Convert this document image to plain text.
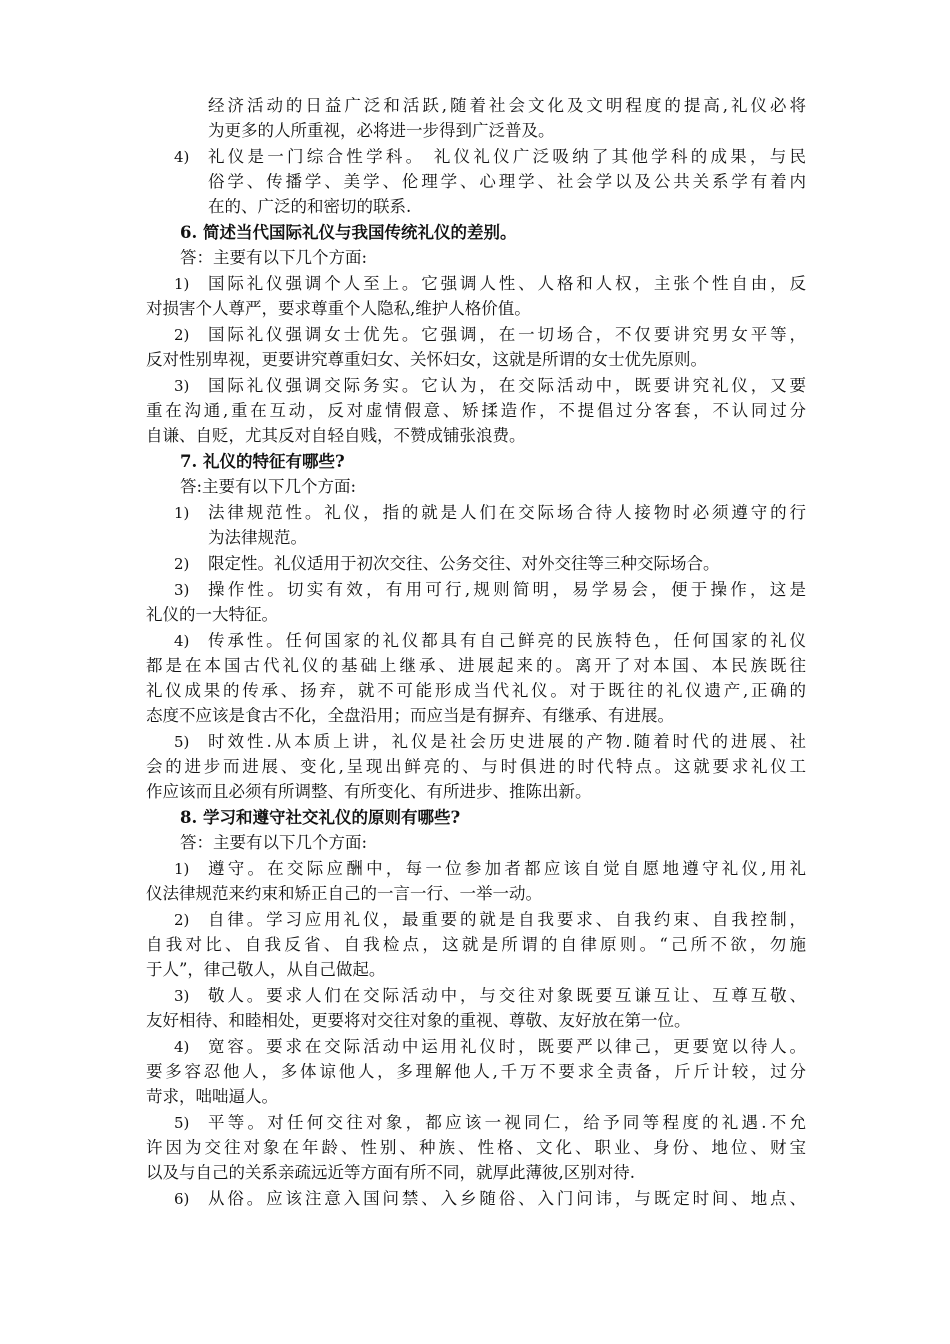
经济活动的日益广泛和活跃,随着社会文化及文明程度的提高,礼仪必将
为更多的人所重视，必将进一步得到广泛普及。
4) 礼仪是一门综合性学科。 礼仪礼仪广泛吸纳了其他学科的成果，与民
俗学、传播学、美学、伦理学、心理学、社会学以及公共关系学有着内
在的、广泛的和密切的联系.
6. 简述当代国际礼仪与我国传统礼仪的差别。
答：主要有以下几个方面:
1) 国际礼仪强调个人至上。它强调人性、人格和人权，主张个性自由，反
对损害个人尊严，要求尊重个人隐私,维护人格价值。
2) 国际礼仪强调女士优先。它强调，在一切场合，不仅要讲究男女平等，
反对性别卑视，更要讲究尊重妇女、关怀妇女，这就是所谓的女士优先原则。
3) 国际礼仪强调交际务实。它认为，在交际活动中，既要讲究礼仪，又要
重在沟通,重在互动，反对虚情假意、矫揉造作，不提倡过分客套，不认同过分
自谦、自贬，尤其反对自轻自贱，不赞成铺张浪费。
7. 礼仪的特征有哪些?
答:主要有以下几个方面:
1) 法律规范性。礼仪，指的就是人们在交际场合待人接物时必须遵守的行
为法律规范。
2) 限定性。礼仪适用于初次交往、公务交往、对外交往等三种交际场合。
3) 操作性。切实有效，有用可行,规则简明，易学易会，便于操作，这是
礼仪的一大特征。
4) 传承性。任何国家的礼仪都具有自己鲜亮的民族特色，任何国家的礼仪
都是在本国古代礼仪的基础上继承、进展起来的。离开了对本国、本民族既往
礼仪成果的传承、扬弃，就不可能形成当代礼仪。对于既往的礼仪遗产,正确的
态度不应该是食古不化，全盘沿用；而应当是有摒弃、有继承、有进展。
5) 时效性.从本质上讲，礼仪是社会历史进展的产物.随着时代的进展、社
会的进步而进展、变化,呈现出鲜亮的、与时俱进的时代特点。这就要求礼仪工
作应该而且必须有所调整、有所变化、有所进步、推陈出新。
8. 学习和遵守社交礼仪的原则有哪些?
答：主要有以下几个方面:
1) 遵守。在交际应酬中，每一位参加者都应该自觉自愿地遵守礼仪,用礼
仪法律规范来约束和矫正自己的一言一行、一举一动。
2) 自律。学习应用礼仪，最重要的就是自我要求、自我约束、自我控制，
自我对比、自我反省、自我检点，这就是所谓的自律原则。“己所不欲，勿施
于人”，律己敬人，从自己做起。
3) 敬人。要求人们在交际活动中，与交往对象既要互谦互让、互尊互敬、
友好相待、和睦相处，更要将对交往对象的重视、尊敬、友好放在第一位。
4) 宽容。要求在交际活动中运用礼仪时，既要严以律己，更要宽以待人。
要多容忍他人，多体谅他人，多理解他人,千万不要求全责备，斤斤计较，过分
苛求，咄咄逼人。
5) 平等。对任何交往对象，都应该一视同仁，给予同等程度的礼遇.不允
许因为交往对象在年龄、性别、种族、性格、文化、职业、身份、地位、财宝
以及与自己的关系亲疏远近等方面有所不同，就厚此薄彼,区别对待.
6) 从俗。应该注意入国问禁、入乡随俗、入门问讳，与既定时间、地点、
